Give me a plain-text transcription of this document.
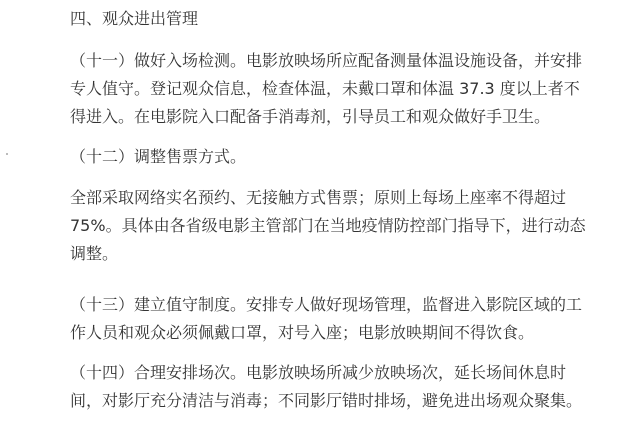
四、观众进出管理

（十一）做好入场检测。电影放映场所应配备测量体温设施设备，并安排
专人值守。登记观众信息，检查体温，未戴口罩和体温 37.3 度以上者不
得进入。在电影院入口配备手消毒剂，引导员工和观众做好手卫生。

（十二）调整售票方式。

全部采取网络实名预约、无接触方式售票；原则上每场上座率不得超过
75%。具体由各省级电影主管部门在当地疫情防控部门指导下，进行动态
调整。

（十三）建立值守制度。安排专人做好现场管理，监督进入影院区域的工
作人员和观众必须佩戴口罩，对号入座；电影放映期间不得饮食。

（十四）合理安排场次。电影放映场所减少放映场次，延长场间休息时
间，对影厅充分清洁与消毒；不同影厅错时排场，避免进出场观众聚集。
